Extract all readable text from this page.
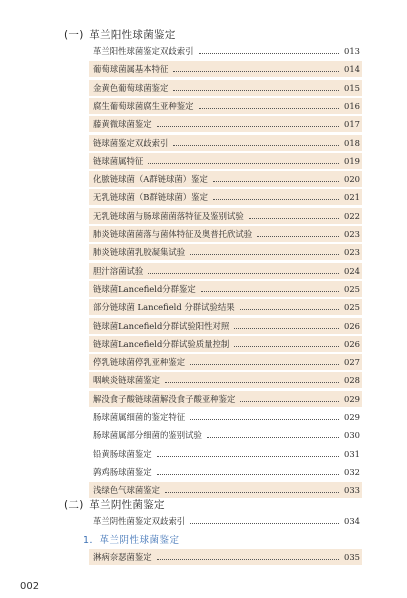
(一) 革兰阳性球菌鉴定
革兰阳性球菌鉴定双歧索引	013
葡萄球菌属基本特征	014
金黄色葡萄球菌鉴定	015
腐生葡萄球菌腐生亚种鉴定	016
藤黄微球菌鉴定	017
链球菌鉴定双歧索引	018
链球菌属特征	019
化脓链球菌（A群链球菌）鉴定	020
无乳链球菌（B群链球菌）鉴定	021
无乳链球菌与肠球菌菌落特征及鉴别试验	022
肺炎链球菌菌落与菌体特征及奥普托欣试验	023
肺炎链球菌乳胶凝集试验	023
胆汁溶菌试验	024
链球菌Lancefield分群鉴定	025
部分链球菌 Lancefield 分群试验结果	025
链球菌Lancefield分群试验阳性对照	026
链球菌Lancefield分群试验质量控制	026
停乳链球菌停乳亚种鉴定	027
咽峡炎链球菌鉴定	028
解没食子酸链球菌解没食子酸亚种鉴定	029
肠球菌属细菌的鉴定特征	029
肠球菌属部分细菌的鉴别试验	030
铅黄肠球菌鉴定	031
鹑鸡肠球菌鉴定	032
浅绿色气球菌鉴定	033
(二) 革兰阴性菌鉴定
1．革兰阴性球菌鉴定
革兰阴性菌鉴定双歧索引	034
淋病奈瑟菌鉴定	035
002
